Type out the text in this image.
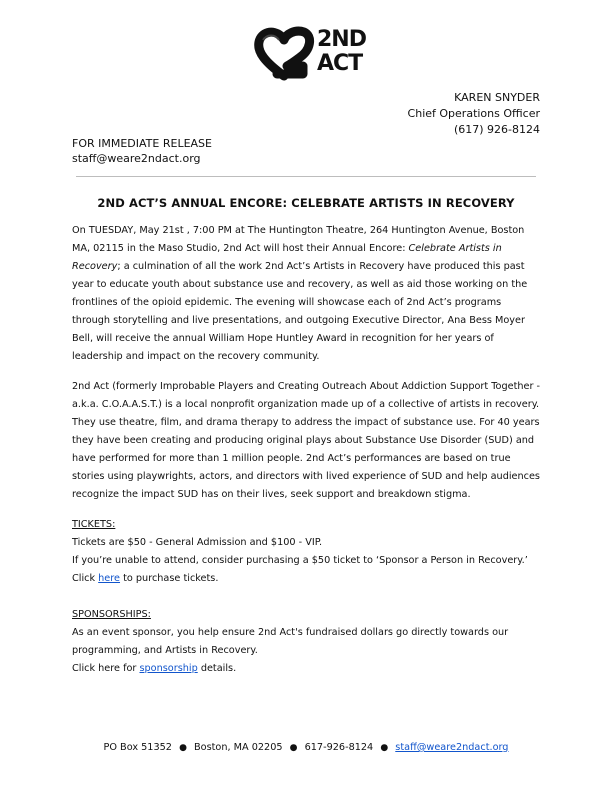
2ND
ACT
KAREN SNYDER
Chief Operations Officer
(617) 926-8124
FOR IMMEDIATE RELEASE
staff@weare2ndact.org
2ND ACT’S ANNUAL ENCORE: CELEBRATE ARTISTS IN RECOVERY

On TUESDAY, May 21st , 7:00 PM at The Huntington Theatre, 264 Huntington Avenue, Boston MA, 02115 in the Maso Studio, 2nd Act will host their Annual Encore: Celebrate Artists in Recovery; a culmination of all the work 2nd Act’s Artists in Recovery have produced this past year to educate youth about substance use and recovery, as well as aid those working on the frontlines of the opioid epidemic. The evening will showcase each of 2nd Act’s programs through storytelling and live presentations, and outgoing Executive Director, Ana Bess Moyer Bell, will receive the annual William Hope Huntley Award in recognition for her years of leadership and impact on the recovery community.

2nd Act (formerly Improbable Players and Creating Outreach About Addiction Support Together - a.k.a. C.O.A.A.S.T.) is a local nonprofit organization made up of a collective of artists in recovery. They use theatre, film, and drama therapy to address the impact of substance use. For 40 years they have been creating and producing original plays about Substance Use Disorder (SUD) and have performed for more than 1 million people. 2nd Act’s performances are based on true stories using playwrights, actors, and directors with lived experience of SUD and help audiences recognize the impact SUD has on their lives, seek support and breakdown stigma.

TICKETS:

Tickets are $50 - General Admission and $100 - VIP.

If you’re unable to attend, consider purchasing a $50 ticket to ‘Sponsor a Person in Recovery.’

Click here to purchase tickets.

SPONSORSHIPS:

As an event sponsor, you help ensure 2nd Act's fundraised dollars go directly towards our programming, and Artists in Recovery.

Click here for sponsorship details.

PO Box 51352 ● Boston, MA 02205 ● 617-926-8124 ● staff@weare2ndact.org
